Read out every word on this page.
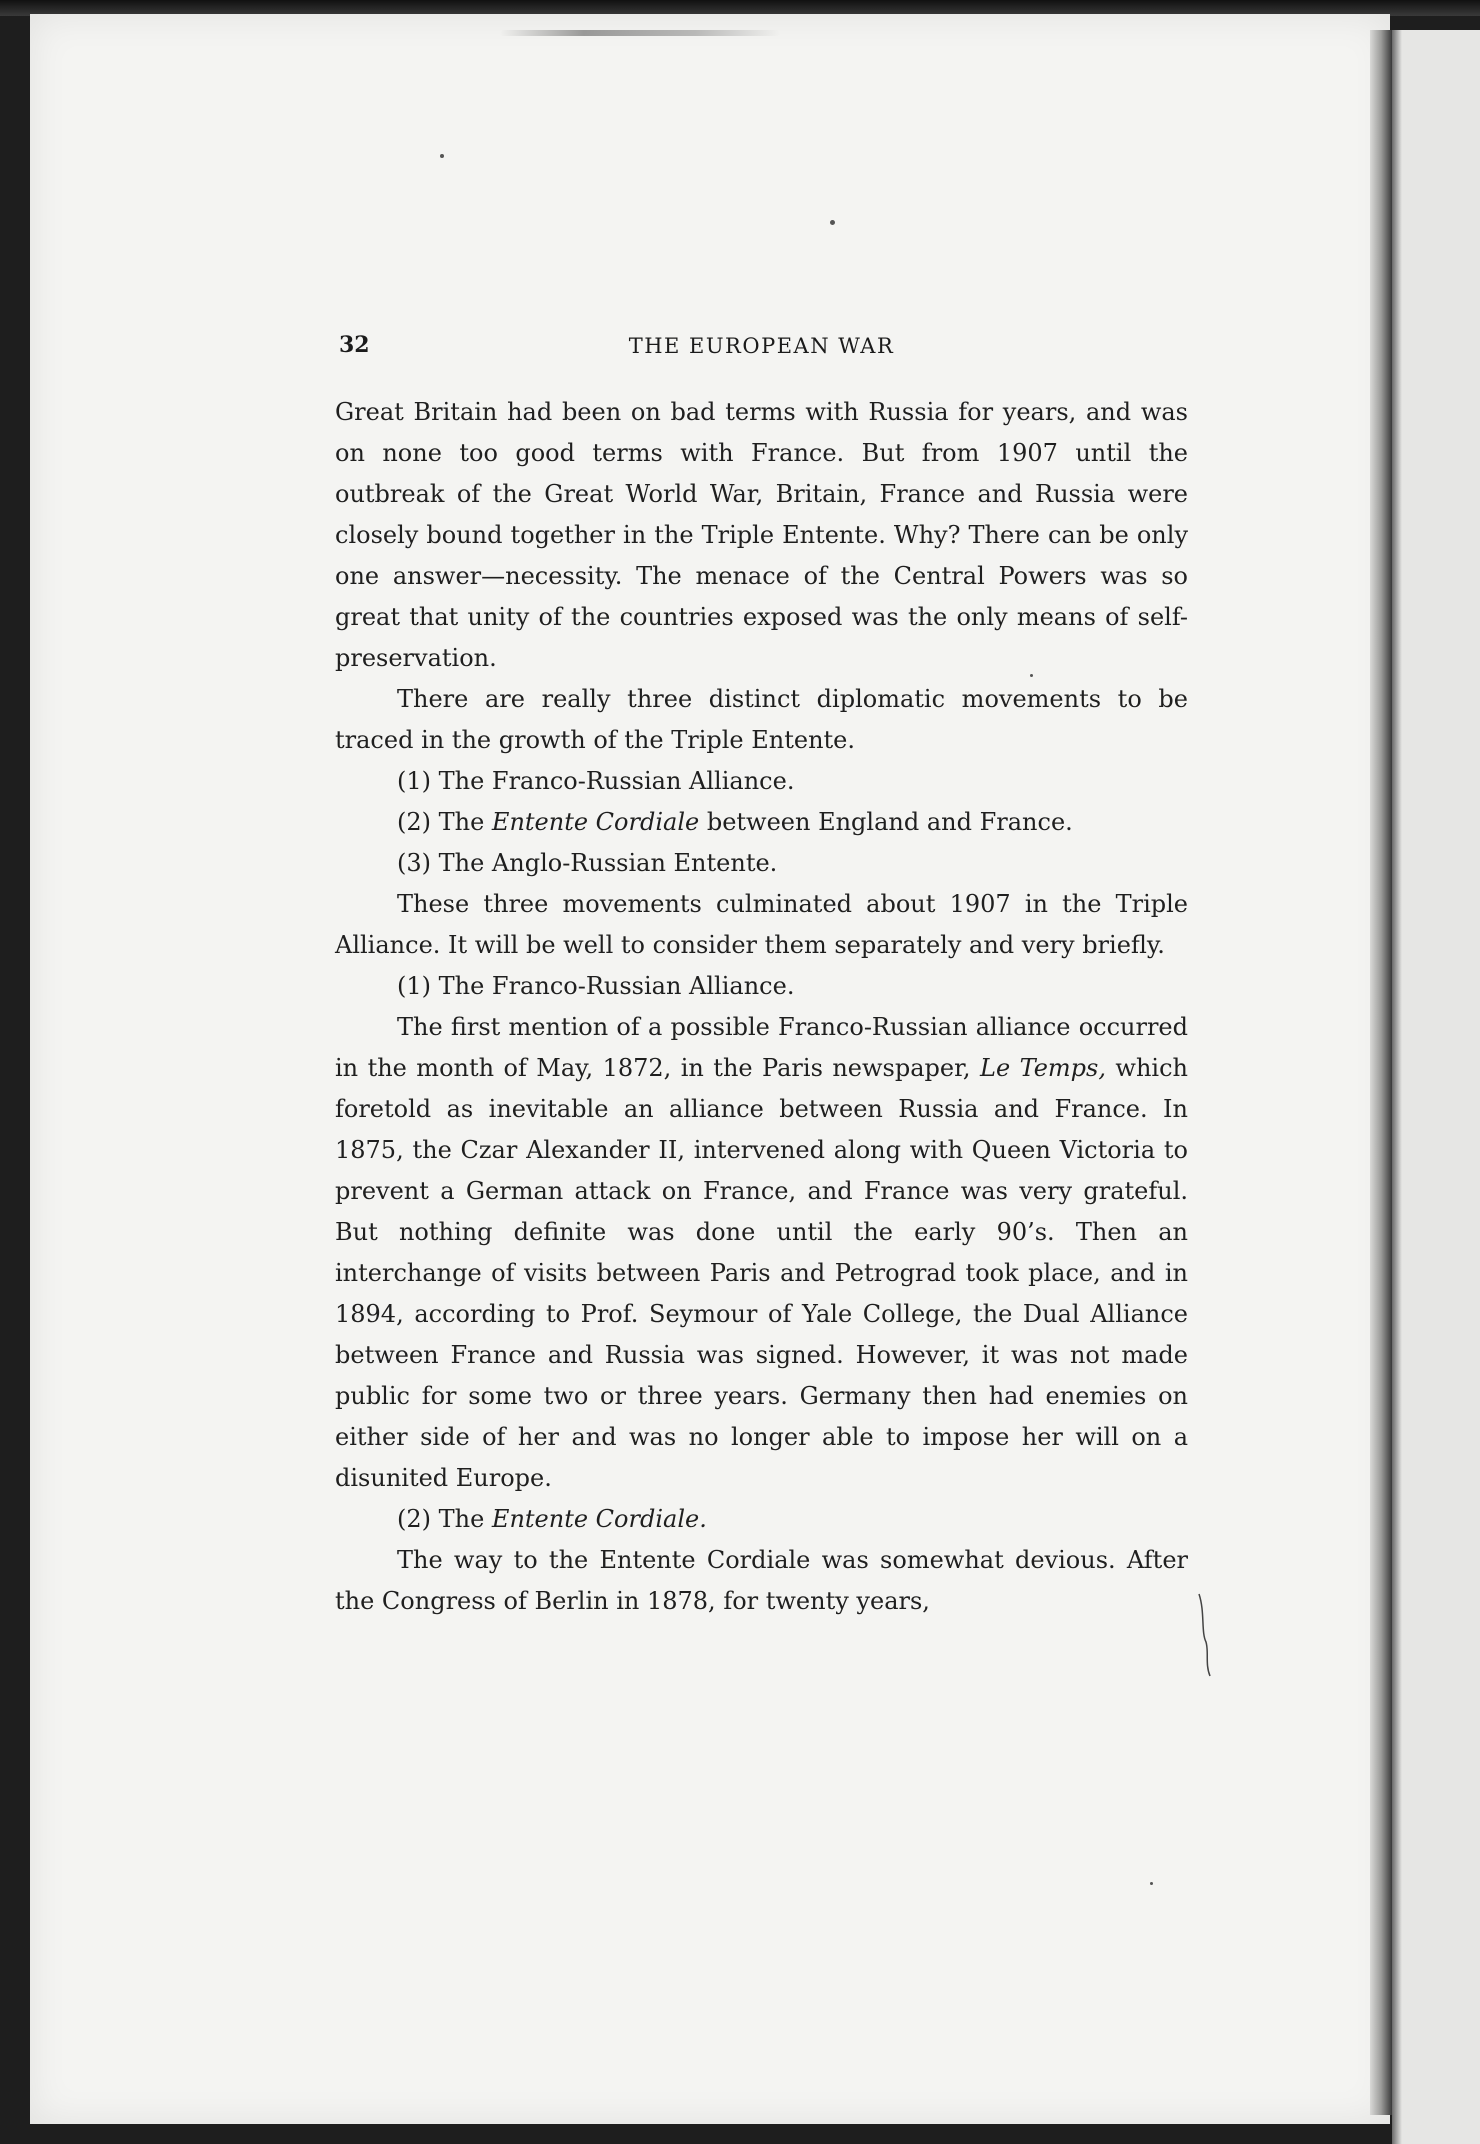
32	THE EUROPEAN WAR

Great Britain had been on bad terms with Russia for years, and was on none too good terms with France. But from 1907 until the outbreak of the Great World War, Britain, France and Russia were closely bound together in the Triple Entente. Why? There can be only one answer—necessity. The menace of the Central Powers was so great that unity of the countries exposed was the only means of self-preservation.

There are really three distinct diplomatic movements to be traced in the growth of the Triple Entente.

(1) The Franco-Russian Alliance.

(2) The Entente Cordiale between England and France.

(3) The Anglo-Russian Entente.

These three movements culminated about 1907 in the Triple Alliance. It will be well to consider them separately and very briefly.

(1) The Franco-Russian Alliance.

The first mention of a possible Franco-Russian alliance occurred in the month of May, 1872, in the Paris newspaper, Le Temps, which foretold as inevitable an alliance between Russia and France. In 1875, the Czar Alexander II, intervened along with Queen Victoria to prevent a German attack on France, and France was very grateful. But nothing definite was done until the early 90’s. Then an interchange of visits between Paris and Petrograd took place, and in 1894, according to Prof. Seymour of Yale College, the Dual Alliance between France and Russia was signed. However, it was not made public for some two or three years. Germany then had enemies on either side of her and was no longer able to impose her will on a disunited Europe.

(2) The Entente Cordiale.

The way to the Entente Cordiale was somewhat devious. After the Congress of Berlin in 1878, for twenty years,
